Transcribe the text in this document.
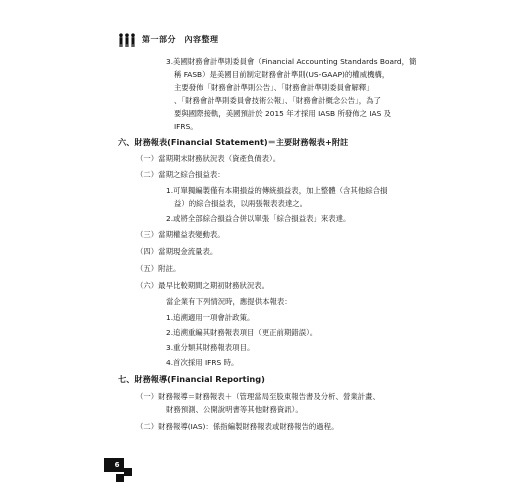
第一部分　內容整理
3.美國財務會計準則委員會（Financial Accounting Standards Board，簡
稱 FASB）是美國目前制定財務會計準則(US-GAAP)的權威機構，
主要發佈「財務會計準則公告」、「財務會計準則委員會解釋」
、「財務會計準則委員會技術公報」、「財務會計概念公告」，為了
要與國際接軌，美國預計於 2015 年才採用 IASB 所發佈之 IAS 及
IFRS。
六、財務報表(Financial Statement)＝主要財務報表+附註
（一）當期期末財務狀況表（資產負債表）。
（二）當期之綜合損益表：
1.可單獨編製僅有本期損益的傳統損益表，加上整體（含其他綜合損
益）的綜合損益表，以兩張報表表達之。
2.或將全部綜合損益合併以單張「綜合損益表」來表達。
（三）當期權益表變動表。
（四）當期現金流量表。
（五）附註。
（六）最早比較期間之期初財務狀況表。
當企業有下列情況時，應提供本報表：
1.追溯適用一項會計政策。
2.追溯重編其財務報表項目（更正前期錯誤）。
3.重分類其財務報表項目。
4.首次採用 IFRS 時。
七、財務報導(Financial Reporting)
（一）財務報導＝財務報表＋（管理當局至股東報告書及分析、營業計畫、
財務預測、公開說明書等其他財務資訊）。
（二）財務報導(IAS)：係指編製財務報表或財務報告的過程。
6
